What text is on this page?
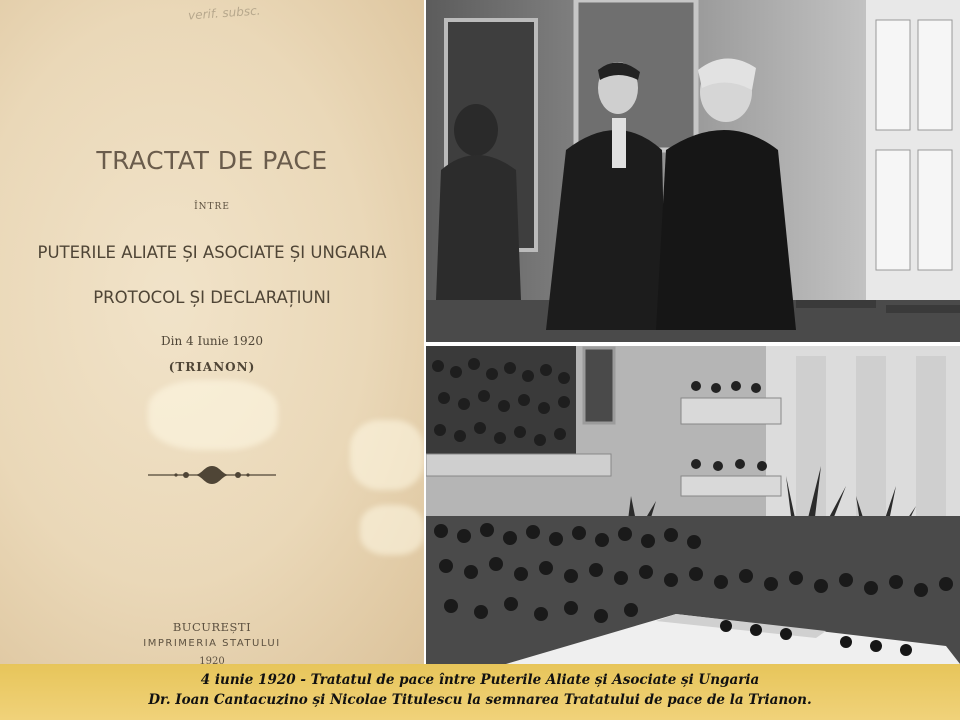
verif. subsc.
TRACTAT DE PACE
ÎNTRE
PUTERILE ALIATE ȘI ASOCIATE ȘI UNGARIA
PROTOCOL ȘI DECLARAȚIUNI
Din 4 Iunie 1920
(TRIANON)
BUCUREȘTI
IMPRIMERIA STATULUI
1920
4 iunie 1920 - Tratatul de pace între Puterile Aliate și Asociate și Ungaria
Dr. Ioan Cantacuzino și Nicolae Titulescu la semnarea Tratatului de pace de la Trianon.
